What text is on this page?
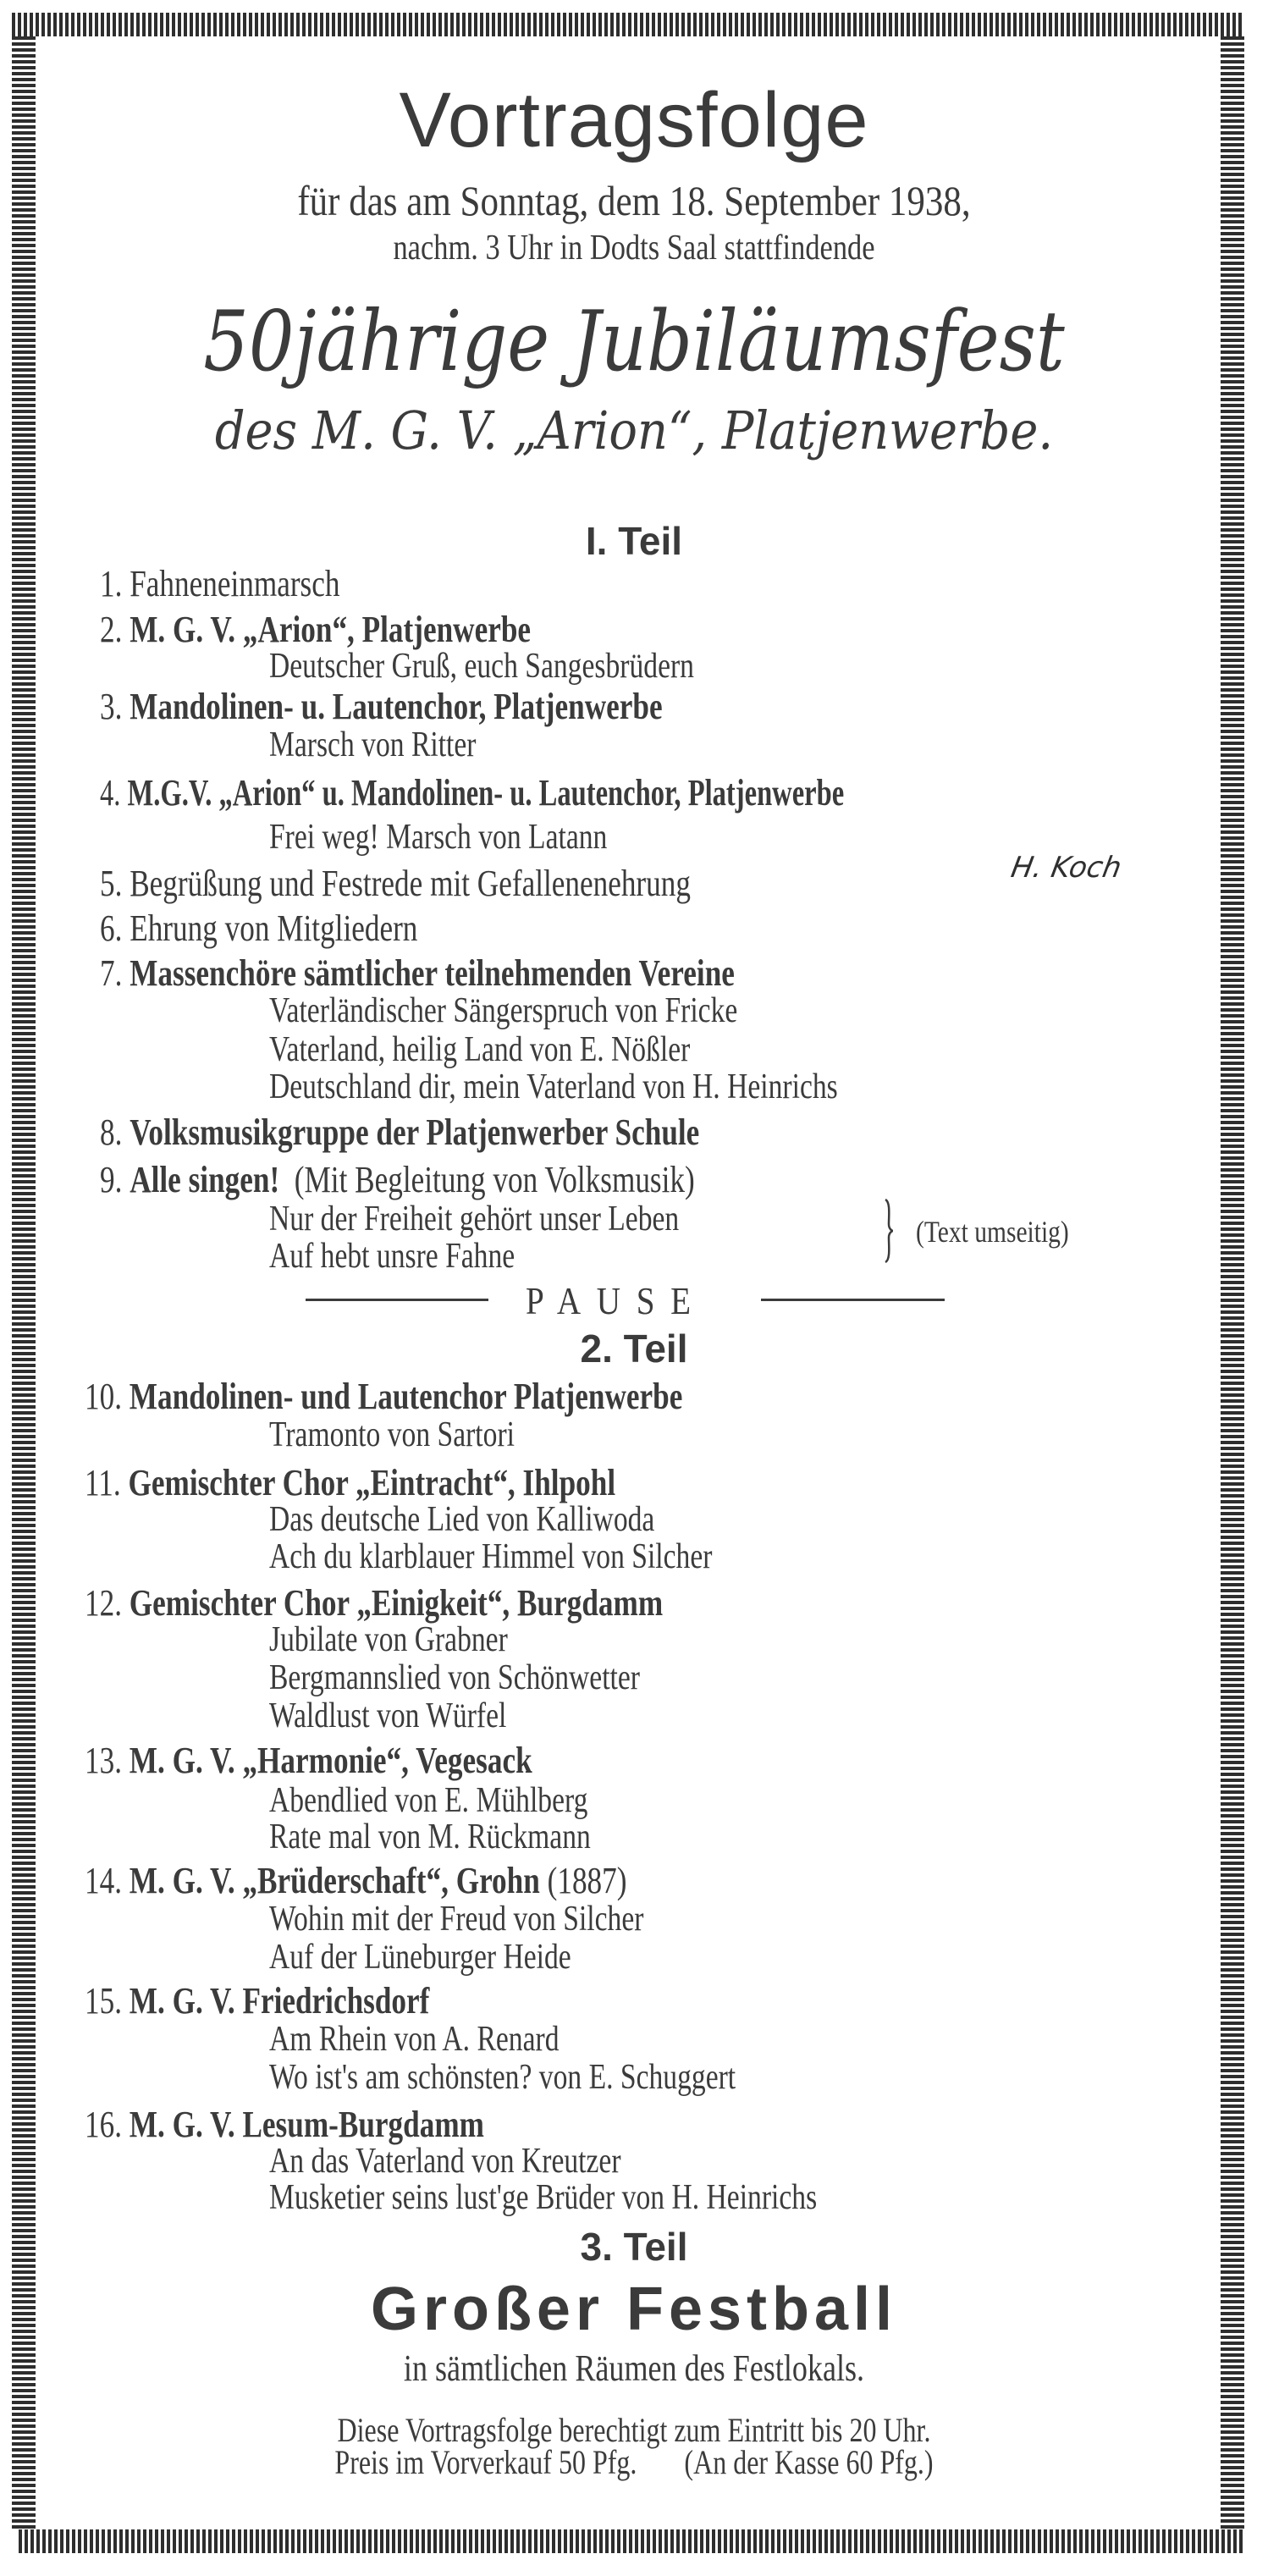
Vortragsfolge
für das am Sonntag, dem 18. September 1938,
nachm. 3 Uhr in Dodts Saal stattfindende
50jährige Jubiläumsfest
des M. G. V. „Arion“, Platjenwerbe.
I. Teil
1. Fahneneinmarsch
2. M. G. V. „Arion“, Platjenwerbe
Deutscher Gruß, euch Sangesbrüdern
3. Mandolinen- u. Lautenchor, Platjenwerbe
Marsch von Ritter
4. M.G.V. „Arion“ u. Mandolinen- u. Lautenchor, Platjenwerbe
Frei weg! Marsch von Latann
5. Begrüßung und Festrede mit Gefallenenehrung	H. Koch
6. Ehrung von Mitgliedern
7. Massenchöre sämtlicher teilnehmenden Vereine
Vaterländischer Sängerspruch von Fricke
Vaterland, heilig Land von E. Nößler
Deutschland dir, mein Vaterland von H. Heinrichs
8. Volksmusikgruppe der Platjenwerber Schule
9. Alle singen! (Mit Begleitung von Volksmusik)
Nur der Freiheit gehört unser Leben
Auf hebt unsre Fahne
(Text umseitig)
PAUSE
2. Teil
10. Mandolinen- und Lautenchor Platjenwerbe
Tramonto von Sartori
11. Gemischter Chor „Eintracht“, Ihlpohl
Das deutsche Lied von Kalliwoda
Ach du klarblauer Himmel von Silcher
12. Gemischter Chor „Einigkeit“, Burgdamm
Jubilate von Grabner
Bergmannslied von Schönwetter
Waldlust von Würfel
13. M. G. V. „Harmonie“, Vegesack
Abendlied von E. Mühlberg
Rate mal von M. Rückmann
14. M. G. V. „Brüderschaft“, Grohn (1887)
Wohin mit der Freud von Silcher
Auf der Lüneburger Heide
15. M. G. V. Friedrichsdorf
Am Rhein von A. Renard
Wo ist's am schönsten? von E. Schuggert
16. M. G. V. Lesum-Burgdamm
An das Vaterland von Kreutzer
Musketier seins lust'ge Brüder von H. Heinrichs
3. Teil
Großer Festball
in sämtlichen Räumen des Festlokals.
Diese Vortragsfolge berechtigt zum Eintritt bis 20 Uhr.
Preis im Vorverkauf 50 Pfg. (An der Kasse 60 Pfg.)
